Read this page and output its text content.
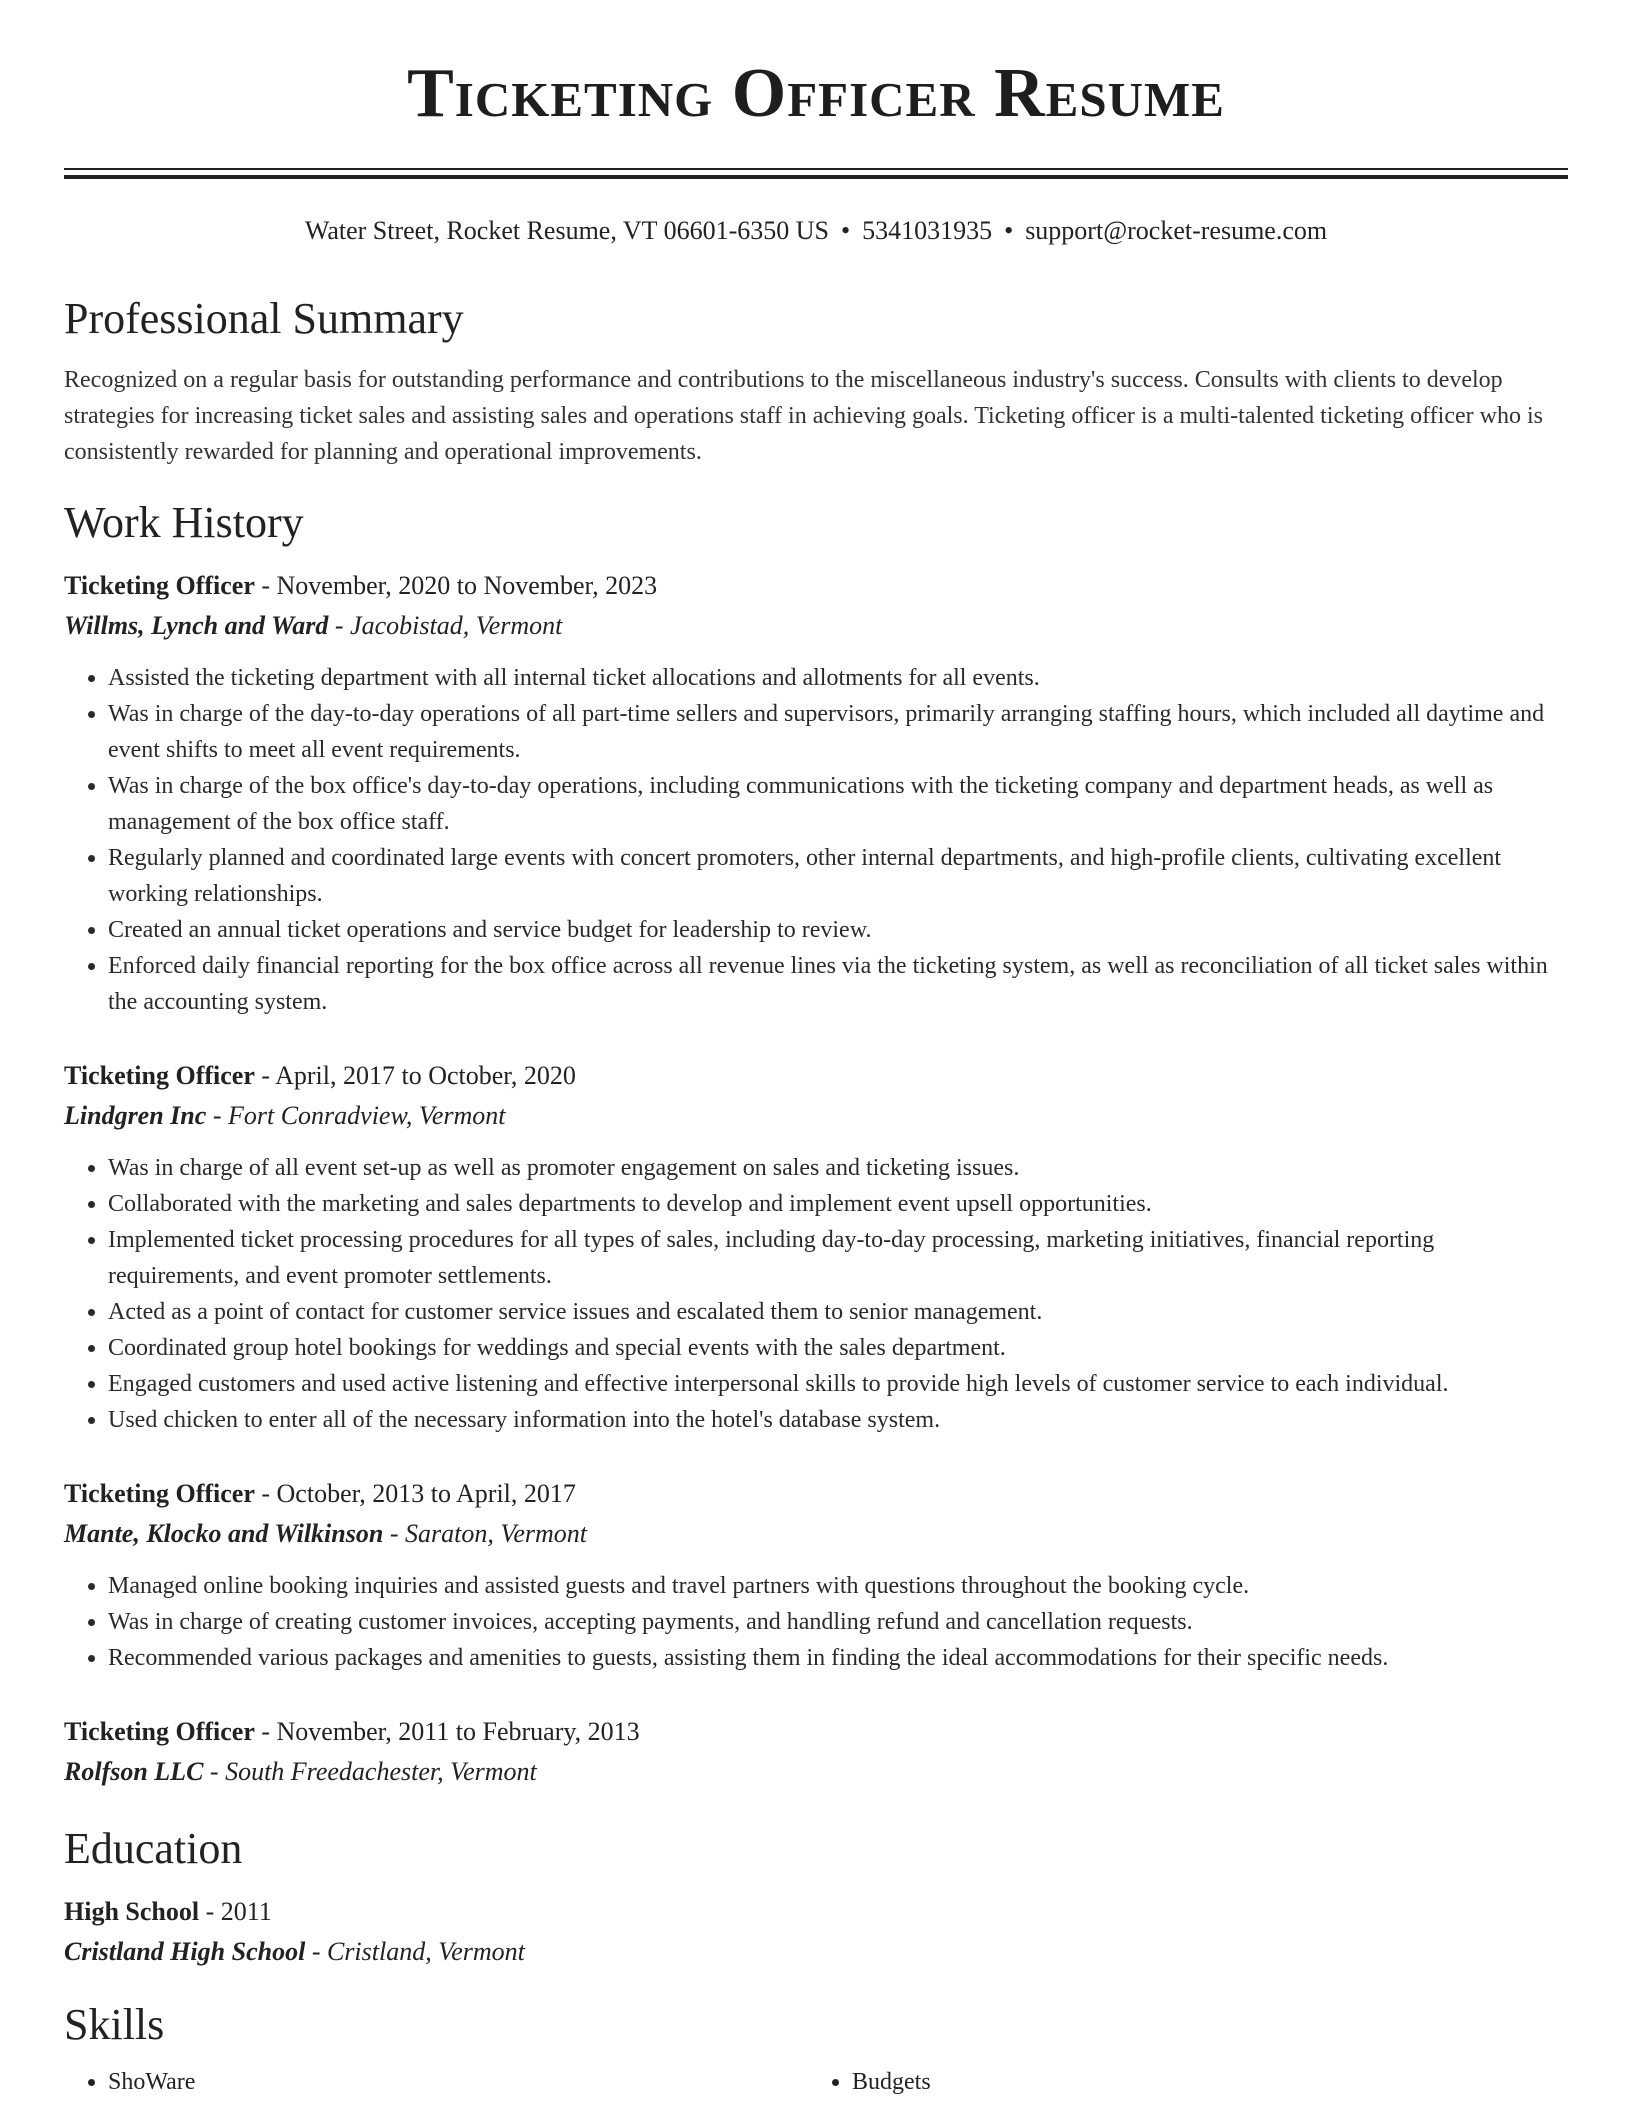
Ticketing Officer Resume
Water Street, Rocket Resume, VT 06601-6350 US • 5341031935 • support@rocket-resume.com
Professional Summary

Recognized on a regular basis for outstanding performance and contributions to the miscellaneous industry's success. Consults with clients to develop strategies for increasing ticket sales and assisting sales and operations staff in achieving goals. Ticketing officer is a multi-talented ticketing officer who is consistently rewarded for planning and operational improvements.

Work History
Ticketing Officer - November, 2020 to November, 2023
Willms, Lynch and Ward - Jacobistad, Vermont
• Assisted the ticketing department with all internal ticket allocations and allotments for all events.
• Was in charge of the day-to-day operations of all part-time sellers and supervisors, primarily arranging staffing hours, which included all daytime and event shifts to meet all event requirements.
• Was in charge of the box office's day-to-day operations, including communications with the ticketing company and department heads, as well as management of the box office staff.
• Regularly planned and coordinated large events with concert promoters, other internal departments, and high-profile clients, cultivating excellent working relationships.
• Created an annual ticket operations and service budget for leadership to review.
• Enforced daily financial reporting for the box office across all revenue lines via the ticketing system, as well as reconciliation of all ticket sales within the accounting system.
Ticketing Officer - April, 2017 to October, 2020
Lindgren Inc - Fort Conradview, Vermont
• Was in charge of all event set-up as well as promoter engagement on sales and ticketing issues.
• Collaborated with the marketing and sales departments to develop and implement event upsell opportunities.
• Implemented ticket processing procedures for all types of sales, including day-to-day processing, marketing initiatives, financial reporting requirements, and event promoter settlements.
• Acted as a point of contact for customer service issues and escalated them to senior management.
• Coordinated group hotel bookings for weddings and special events with the sales department.
• Engaged customers and used active listening and effective interpersonal skills to provide high levels of customer service to each individual.
• Used chicken to enter all of the necessary information into the hotel's database system.
Ticketing Officer - October, 2013 to April, 2017
Mante, Klocko and Wilkinson - Saraton, Vermont
• Managed online booking inquiries and assisted guests and travel partners with questions throughout the booking cycle.
• Was in charge of creating customer invoices, accepting payments, and handling refund and cancellation requests.
• Recommended various packages and amenities to guests, assisting them in finding the ideal accommodations for their specific needs.
Ticketing Officer - November, 2011 to February, 2013
Rolfson LLC - South Freedachester, Vermont
Education
High School - 2011
Cristland High School - Cristland, Vermont
Skills
• ShoWare
•	Budgets
